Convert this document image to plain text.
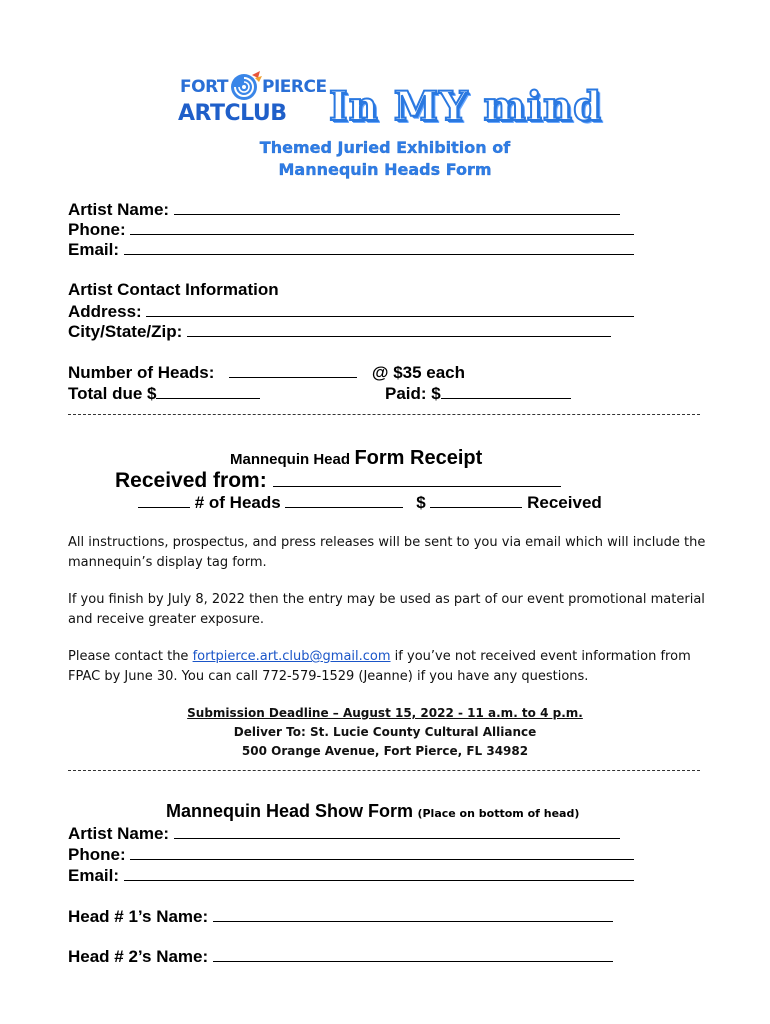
FORT PIERCE
ARTCLUB In MY mind
Themed Juried Exhibition of
Mannequin Heads Form
Artist Name:
Phone:
Email:
Artist Contact Information
Address:
City/State/Zip:
Number of Heads:	@ $35 each
Total due $	Paid: $
Mannequin Head Form Receipt
Received from:
# of Heads	$	Received
All instructions, prospectus, and press releases will be sent to you via email which will include the mannequin’s display tag form.
If you finish by July 8, 2022 then the entry may be used as part of our event promotional material and receive greater exposure.
Please contact the fortpierce.art.club@gmail.com if you’ve not received event information from FPAC by June 30. You can call 772-579-1529 (Jeanne) if you have any questions.
Submission Deadline – August 15, 2022 - 11 a.m. to 4 p.m.
Deliver To: St. Lucie County Cultural Alliance
500 Orange Avenue, Fort Pierce, FL 34982
Mannequin Head Show Form (Place on bottom of head)
Artist Name:
Phone:
Email:
Head # 1’s Name:
Head # 2’s Name:
